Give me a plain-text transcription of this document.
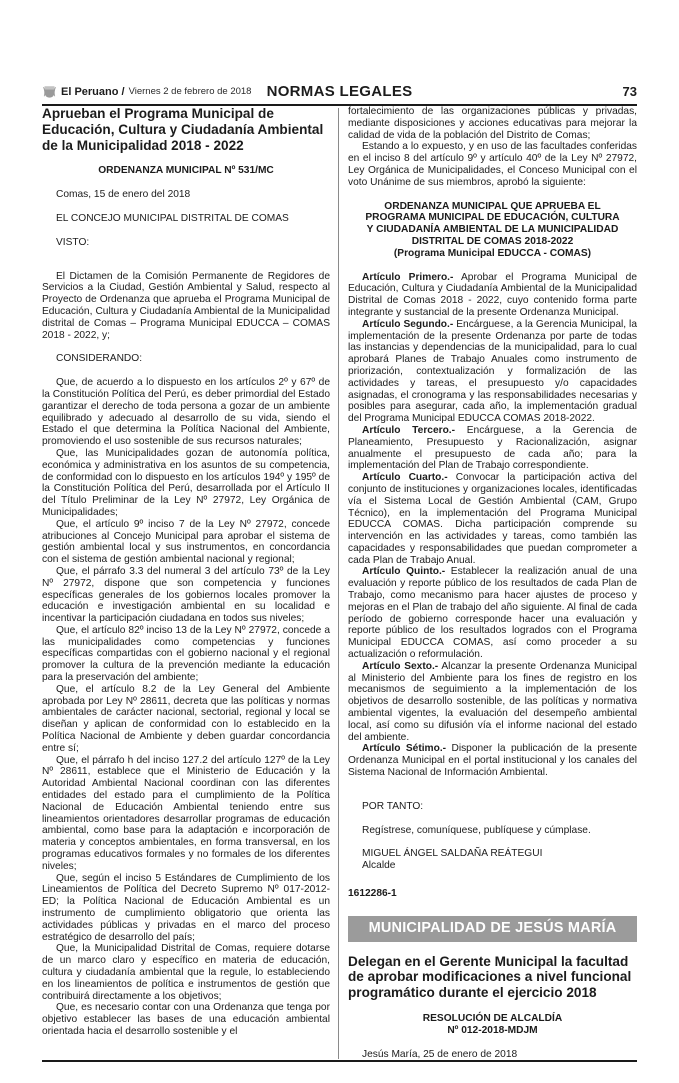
El Peruano / Viernes 2 de febrero de 2018	NORMAS LEGALES	73

Aprueban el Programa Municipal de Educación, Cultura y Ciudadanía Ambiental de la Municipalidad 2018 - 2022

ORDENANZA MUNICIPAL Nº 531/MC

Comas, 15 de enero del 2018

EL CONCEJO MUNICIPAL DISTRITAL DE COMAS

VISTO:

El Dictamen de la Comisión Permanente de Regidores de Servicios a la Ciudad, Gestión Ambiental y Salud, respecto al Proyecto de Ordenanza que aprueba el Programa Municipal de Educación, Cultura y Ciudadanía Ambiental de la Municipalidad distrital de Comas – Programa Municipal EDUCCA – COMAS 2018 - 2022, y;

CONSIDERANDO:

Que, de acuerdo a lo dispuesto en los artículos 2º y 67º de la Constitución Política del Perú, es deber primordial del Estado garantizar el derecho de toda persona a gozar de un ambiente equilibrado y adecuado al desarrollo de su vida, siendo el Estado el que determina la Política Nacional del Ambiente, promoviendo el uso sostenible de sus recursos naturales;

Que, las Municipalidades gozan de autonomía política, económica y administrativa en los asuntos de su competencia, de conformidad con lo dispuesto en los artículos 194º y 195º de la Constitución Política del Perú, desarrollada por el Artículo II del Título Preliminar de la Ley Nº 27972, Ley Orgánica de Municipalidades;

Que, el artículo 9º inciso 7 de la Ley Nº 27972, concede atribuciones al Concejo Municipal para aprobar el sistema de gestión ambiental local y sus instrumentos, en concordancia con el sistema de gestión ambiental nacional y regional;

Que, el párrafo 3.3 del numeral 3 del artículo 73º de la Ley Nº 27972, dispone que son competencia y funciones específicas generales de los gobiernos locales promover la educación e investigación ambiental en su localidad e incentivar la participación ciudadana en todos sus niveles;

Que, el artículo 82º inciso 13 de la Ley Nº 27972, concede a las municipalidades como competencias y funciones específicas compartidas con el gobierno nacional y el regional promover la cultura de la prevención mediante la educación para la preservación del ambiente;

Que, el artículo 8.2 de la Ley General del Ambiente aprobada por Ley Nº 28611, decreta que las políticas y normas ambientales de carácter nacional, sectorial, regional y local se diseñan y aplican de conformidad con lo establecido en la Política Nacional de Ambiente y deben guardar concordancia entre sí;

Que, el párrafo h del inciso 127.2 del artículo 127º de la Ley Nº 28611, establece que el Ministerio de Educación y la Autoridad Ambiental Nacional coordinan con las diferentes entidades del estado para el cumplimiento de la Política Nacional de Educación Ambiental teniendo entre sus lineamientos orientadores desarrollar programas de educación ambiental, como base para la adaptación e incorporación de materia y conceptos ambientales, en forma transversal, en los programas educativos formales y no formales de los diferentes niveles;

Que, según el inciso 5 Estándares de Cumplimiento de los Lineamientos de Política del Decreto Supremo Nº 017-2012-ED; la Política Nacional de Educación Ambiental es un instrumento de cumplimiento obligatorio que orienta las actividades públicas y privadas en el marco del proceso estratégico de desarrollo del país;

Que, la Municipalidad Distrital de Comas, requiere dotarse de un marco claro y específico en materia de educación, cultura y ciudadanía ambiental que la regule, lo estableciendo en los lineamientos de política e instrumentos de gestión que contribuirá directamente a los objetivos;

Que, es necesario contar con una Ordenanza que tenga por objetivo establecer las bases de una educación ambiental orientada hacia el desarrollo sostenible y el

fortalecimiento de las organizaciones públicas y privadas, mediante disposiciones y acciones educativas para mejorar la calidad de vida de la población del Distrito de Comas;

Estando a lo expuesto, y en uso de las facultades conferidas en el inciso 8 del artículo 9º y artículo 40º de la Ley Nº 27972, Ley Orgánica de Municipalidades, el Conceso Municipal con el voto Unánime de sus miembros, aprobó la siguiente:

ORDENANZA MUNICIPAL QUE APRUEBA EL
PROGRAMA MUNICIPAL DE EDUCACIÓN, CULTURA
Y CIUDADANÍA AMBIENTAL DE LA MUNICIPALIDAD
DISTRITAL DE COMAS 2018-2022
(Programa Municipal EDUCCA - COMAS)

Artículo Primero.- Aprobar el Programa Municipal de Educación, Cultura y Ciudadanía Ambiental de la Municipalidad Distrital de Comas 2018 - 2022, cuyo contenido forma parte integrante y sustancial de la presente Ordenanza Municipal.

Artículo Segundo.- Encárguese, a la Gerencia Municipal, la implementación de la presente Ordenanza por parte de todas las instancias y dependencias de la municipalidad, para lo cual aprobará Planes de Trabajo Anuales como instrumento de priorización, contextualización y formalización de las actividades y tareas, el presupuesto y/o capacidades asignadas, el cronograma y las responsabilidades necesarias y posibles para asegurar, cada año, la implementación gradual del Programa Municipal EDUCCA COMAS 2018-2022.

Artículo Tercero.- Encárguese, a la Gerencia de Planeamiento, Presupuesto y Racionalización, asignar anualmente el presupuesto de cada año; para la implementación del Plan de Trabajo correspondiente.

Artículo Cuarto.- Convocar la participación activa del conjunto de instituciones y organizaciones locales, identificadas vía el Sistema Local de Gestión Ambiental (CAM, Grupo Técnico), en la implementación del Programa Municipal EDUCCA COMAS. Dicha participación comprende su intervención en las actividades y tareas, como también las capacidades y responsabilidades que puedan comprometer a cada Plan de Trabajo Anual.

Artículo Quinto.- Establecer la realización anual de una evaluación y reporte público de los resultados de cada Plan de Trabajo, como mecanismo para hacer ajustes de proceso y mejoras en el Plan de trabajo del año siguiente. Al final de cada período de gobierno corresponde hacer una evaluación y reporte público de los resultados logrados con el Programa Municipal EDUCCA COMAS, así como proceder a su actualización o reformulación.

Artículo Sexto.- Alcanzar la presente Ordenanza Municipal al Ministerio del Ambiente para los fines de registro en los mecanismos de seguimiento a la implementación de los objetivos de desarrollo sostenible, de las políticas y normativa ambiental vigentes, la evaluación del desempeño ambiental local, así como su difusión vía el informe nacional del estado del ambiente.

Artículo Sétimo.- Disponer la publicación de la presente Ordenanza Municipal en el portal institucional y los canales del Sistema Nacional de Información Ambiental.

POR TANTO:

Regístrese, comuníquese, publíquese y cúmplase.

MIGUEL ÁNGEL SALDAÑA REÁTEGUI

Alcalde

1612286-1

MUNICIPALIDAD DE JESÚS MARÍA

Delegan en el Gerente Municipal la facultad de aprobar modificaciones a nivel funcional programático durante el ejercicio 2018

RESOLUCIÓN DE ALCALDÍA
Nº 012-2018-MDJM

Jesús María, 25 de enero de 2018
